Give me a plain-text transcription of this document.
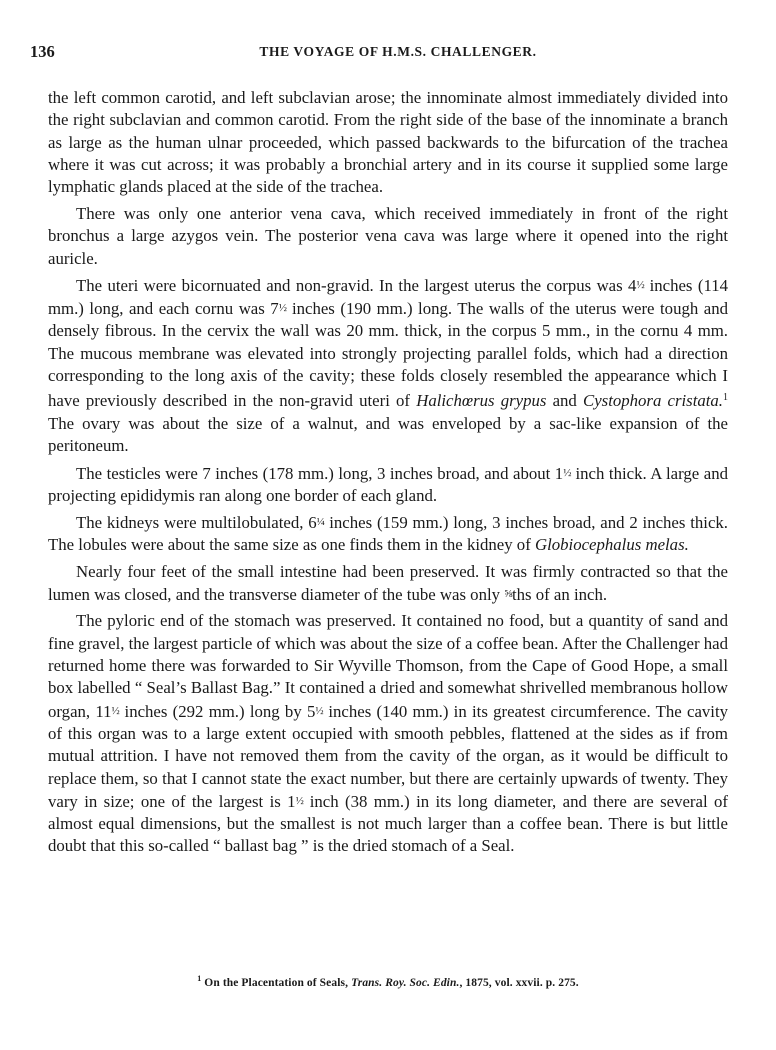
136	THE VOYAGE OF H.M.S. CHALLENGER.

the left common carotid, and left subclavian arose; the innominate almost immediately divided into the right subclavian and common carotid. From the right side of the base of the innominate a branch as large as the human ulnar proceeded, which passed backwards to the bifurcation of the trachea where it was cut across; it was probably a bronchial artery and in its course it supplied some large lymphatic glands placed at the side of the trachea.

There was only one anterior vena cava, which received immediately in front of the right bronchus a large azygos vein. The posterior vena cava was large where it opened into the right auricle.

The uteri were bicornuated and non-gravid. In the largest uterus the corpus was 4½ inches (114 mm.) long, and each cornu was 7½ inches (190 mm.) long. The walls of the uterus were tough and densely fibrous. In the cervix the wall was 20 mm. thick, in the corpus 5 mm., in the cornu 4 mm. The mucous membrane was elevated into strongly projecting parallel folds, which had a direction corresponding to the long axis of the cavity; these folds closely resembled the appearance which I have previously described in the non-gravid uteri of Halichœrus grypus and Cystophora cristata.$^1$ The ovary was about the size of a walnut, and was enveloped by a sac-like expansion of the peritoneum.

The testicles were 7 inches (178 mm.) long, 3 inches broad, and about 1½ inch thick. A large and projecting epididymis ran along one border of each gland.

The kidneys were multilobulated, 6¼ inches (159 mm.) long, 3 inches broad, and 2 inches thick. The lobules were about the same size as one finds them in the kidney of Globiocephalus melas.

Nearly four feet of the small intestine had been preserved. It was firmly contracted so that the lumen was closed, and the transverse diameter of the tube was only ⅝ths of an inch.

The pyloric end of the stomach was preserved. It contained no food, but a quantity of sand and fine gravel, the largest particle of which was about the size of a coffee bean. After the Challenger had returned home there was forwarded to Sir Wyville Thomson, from the Cape of Good Hope, a small box labelled “ Seal’s Ballast Bag.” It contained a dried and somewhat shrivelled membranous hollow organ, 11½ inches (292 mm.) long by 5½ inches (140 mm.) in its greatest circumference. The cavity of this organ was to a large extent occupied with smooth pebbles, flattened at the sides as if from mutual attrition. I have not removed them from the cavity of the organ, as it would be difficult to replace them, so that I cannot state the exact number, but there are certainly upwards of twenty. They vary in size; one of the largest is 1½ inch (38 mm.) in its long diameter, and there are several of almost equal dimensions, but the smallest is not much larger than a coffee bean. There is but little doubt that this so-called “ ballast bag ” is the dried stomach of a Seal.

$^1$ On the Placentation of Seals, Trans. Roy. Soc. Edin., 1875, vol. xxvii. p. 275.
